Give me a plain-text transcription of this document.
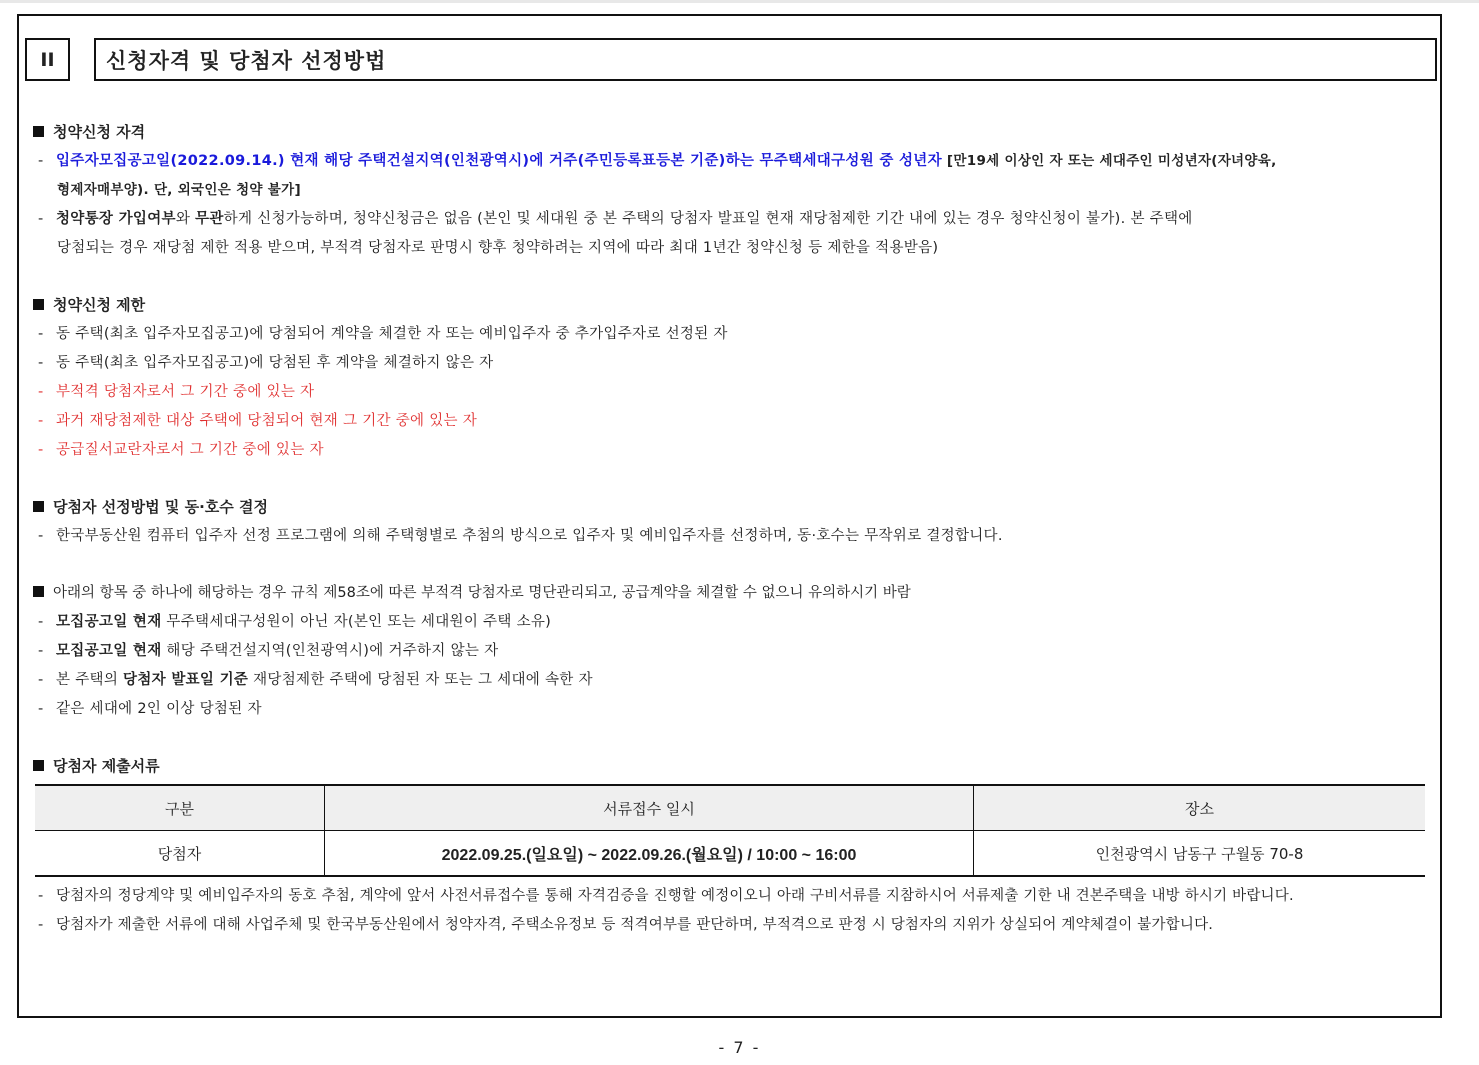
II	신청자격 및 당첨자 선정방법
청약신청 자격
- 입주자모집공고일(2022.09.14.) 현재 해당 주택건설지역(인천광역시)에 거주(주민등록표등본 기준)하는 무주택세대구성원 중 성년자 [만19세 이상인 자 또는 세대주인 미성년자(자녀양육,
형제자매부양). 단, 외국인은 청약 불가]
- 청약통장 가입여부와 무관하게 신청가능하며, 청약신청금은 없음 (본인 및 세대원 중 본 주택의 당첨자 발표일 현재 재당첨제한 기간 내에 있는 경우 청약신청이 불가). 본 주택에
당첨되는 경우 재당첨 제한 적용 받으며, 부적격 당첨자로 판명시 향후 청약하려는 지역에 따라 최대 1년간 청약신청 등 제한을 적용받음)
청약신청 제한
- 동 주택(최초 입주자모집공고)에 당첨되어 계약을 체결한 자 또는 예비입주자 중 추가입주자로 선정된 자
- 동 주택(최초 입주자모집공고)에 당첨된 후 계약을 체결하지 않은 자
- 부적격 당첨자로서 그 기간 중에 있는 자
- 과거 재당첨제한 대상 주택에 당첨되어 현재 그 기간 중에 있는 자
- 공급질서교란자로서 그 기간 중에 있는 자
당첨자 선정방법 및 동·호수 결정
- 한국부동산원 컴퓨터 입주자 선정 프로그램에 의해 주택형별로 추첨의 방식으로 입주자 및 예비입주자를 선정하며, 동·호수는 무작위로 결정합니다.
아래의 항목 중 하나에 해당하는 경우 규칙 제58조에 따른 부적격 당첨자로 명단관리되고, 공급계약을 체결할 수 없으니 유의하시기 바람
- 모집공고일 현재 무주택세대구성원이 아닌 자(본인 또는 세대원이 주택 소유)
- 모집공고일 현재 해당 주택건설지역(인천광역시)에 거주하지 않는 자
- 본 주택의 당첨자 발표일 기준 재당첨제한 주택에 당첨된 자 또는 그 세대에 속한 자
- 같은 세대에 2인 이상 당첨된 자
당첨자 제출서류
구분	서류접수 일시	장소
당첨자	2022.09.25.(일요일) ~ 2022.09.26.(월요일) / 10:00 ~ 16:00	인천광역시 남동구 구월동 70-8
- 당첨자의 정당계약 및 예비입주자의 동호 추첨, 계약에 앞서 사전서류접수를 통해 자격검증을 진행할 예정이오니 아래 구비서류를 지참하시어 서류제출 기한 내 견본주택을 내방 하시기 바랍니다.
- 당첨자가 제출한 서류에 대해 사업주체 및 한국부동산원에서 청약자격, 주택소유정보 등 적격여부를 판단하며, 부적격으로 판정 시 당첨자의 지위가 상실되어 계약체결이 불가합니다.
- 7 -
